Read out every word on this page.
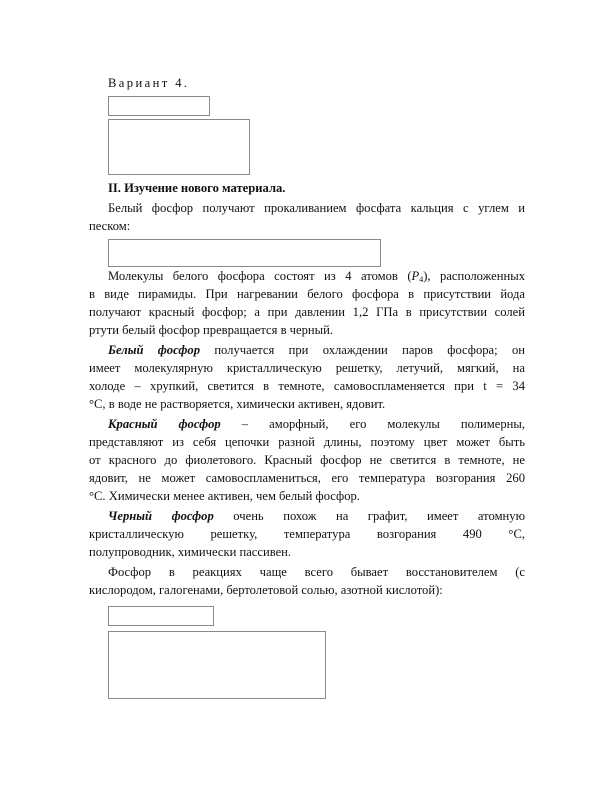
Вариант 4.
II. Изучение нового материала.
Белый фосфор получают прокаливанием фосфата кальция с углем и
песком:
Молекулы белого фосфора состоят из 4 атомов $(P_4)$, расположенных
в виде пирамиды. При нагревании белого фосфора в присутствии йода
получают красный фосфор; а при давлении 1,2 ГПа в присутствии солей
ртути белый фосфор превращается в черный.
Белый фосфор получается при охлаждении паров фосфора; он
имеет молекулярную кристаллическую решетку, летучий, мягкий, на
холоде – хрупкий, светится в темноте, самовоспламеняется при t = 34
°С, в воде не растворяется, химически активен, ядовит.
Красный фосфор – аморфный, его молекулы полимерны,
представляют из себя цепочки разной длины, поэтому цвет может быть
от красного до фиолетового. Красный фосфор не светится в темноте, не
ядовит, не может самовоспламениться, его температура возгорания 260
°С. Химически менее активен, чем белый фосфор.
Черный фосфор очень похож на графит, имеет атомную
кристаллическую решетку, температура возгорания 490 °С,
полупроводник, химически пассивен.
Фосфор в реакциях чаще всего бывает восстановителем (с
кислородом, галогенами, бертолетовой солью, азотной кислотой):
